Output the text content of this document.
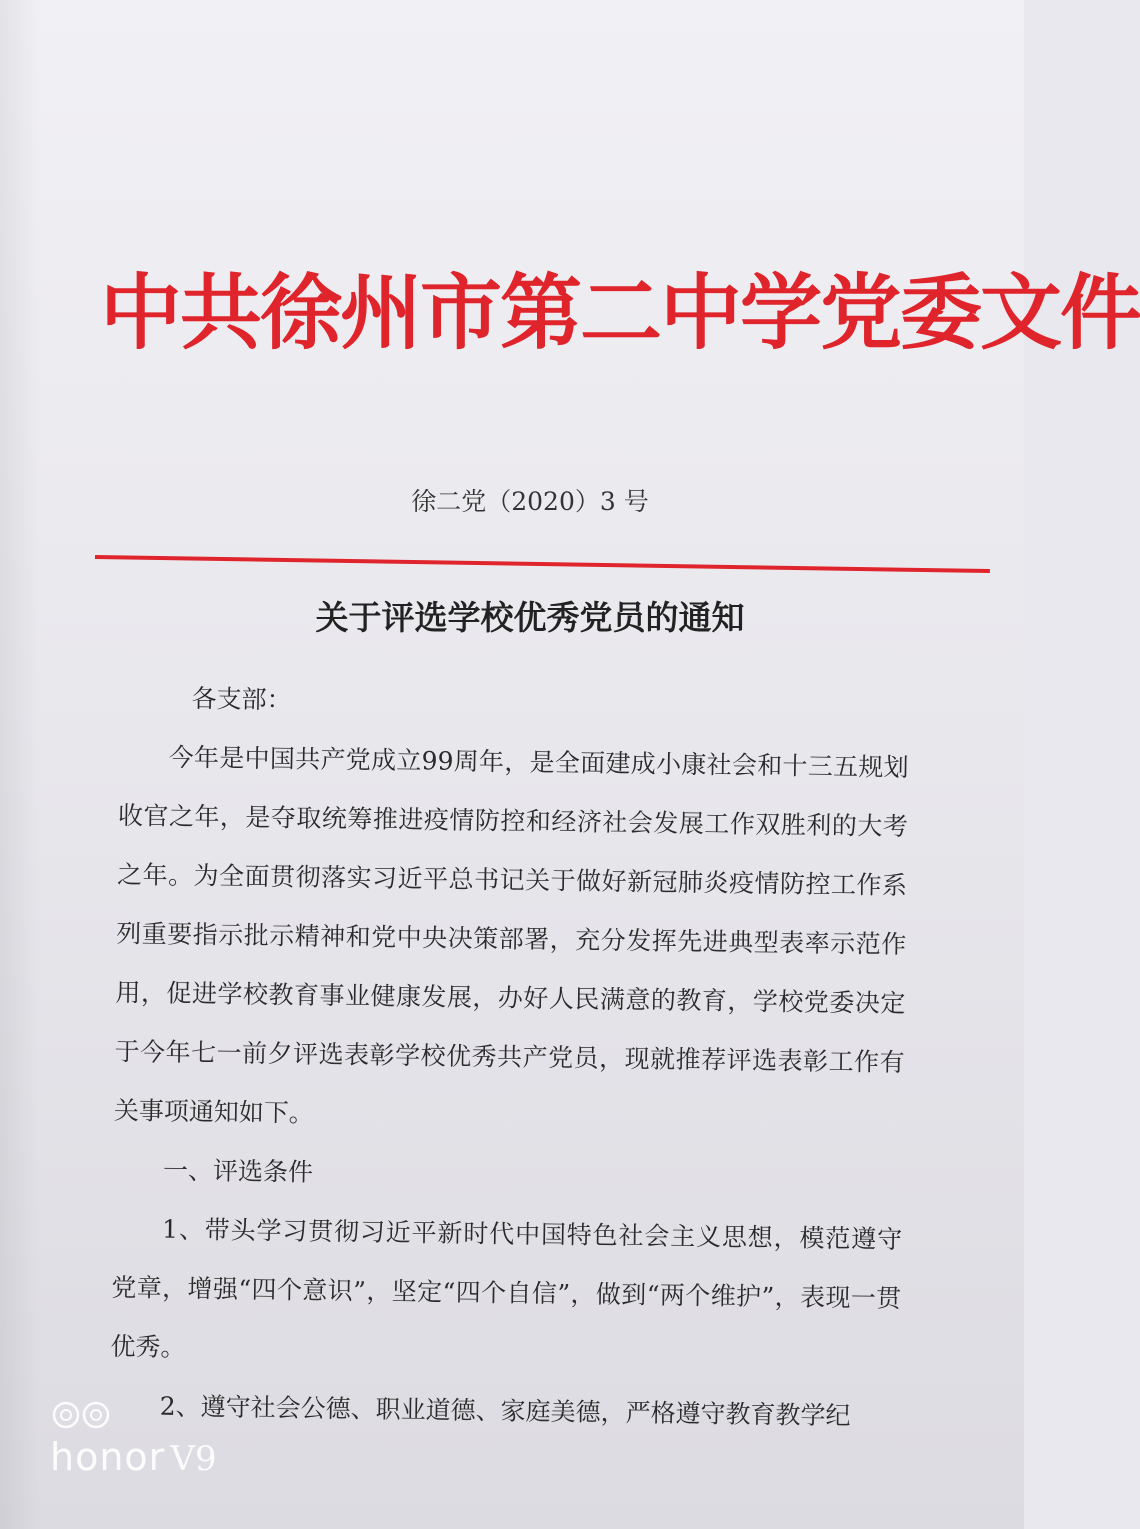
中共徐州市第二中学党委文件
徐二党（2020）3 号
关于评选学校优秀党员的通知

各支部：

今年是中国共产党成立99周年，是全面建成小康社会和十三五规划收官之年，是夺取统筹推进疫情防控和经济社会发展工作双胜利的大考之年。为全面贯彻落实习近平总书记关于做好新冠肺炎疫情防控工作系列重要指示批示精神和党中央决策部署，充分发挥先进典型表率示范作用，促进学校教育事业健康发展，办好人民满意的教育，学校党委决定于今年七一前夕评选表彰学校优秀共产党员，现就推荐评选表彰工作有关事项通知如下。

一、评选条件

1、带头学习贯彻习近平新时代中国特色社会主义思想，模范遵守党章，增强“四个意识”，坚定“四个自信”，做到“两个维护”，表现一贯优秀。

2、遵守社会公德、职业道德、家庭美德，严格遵守教育教学纪

honor V9
